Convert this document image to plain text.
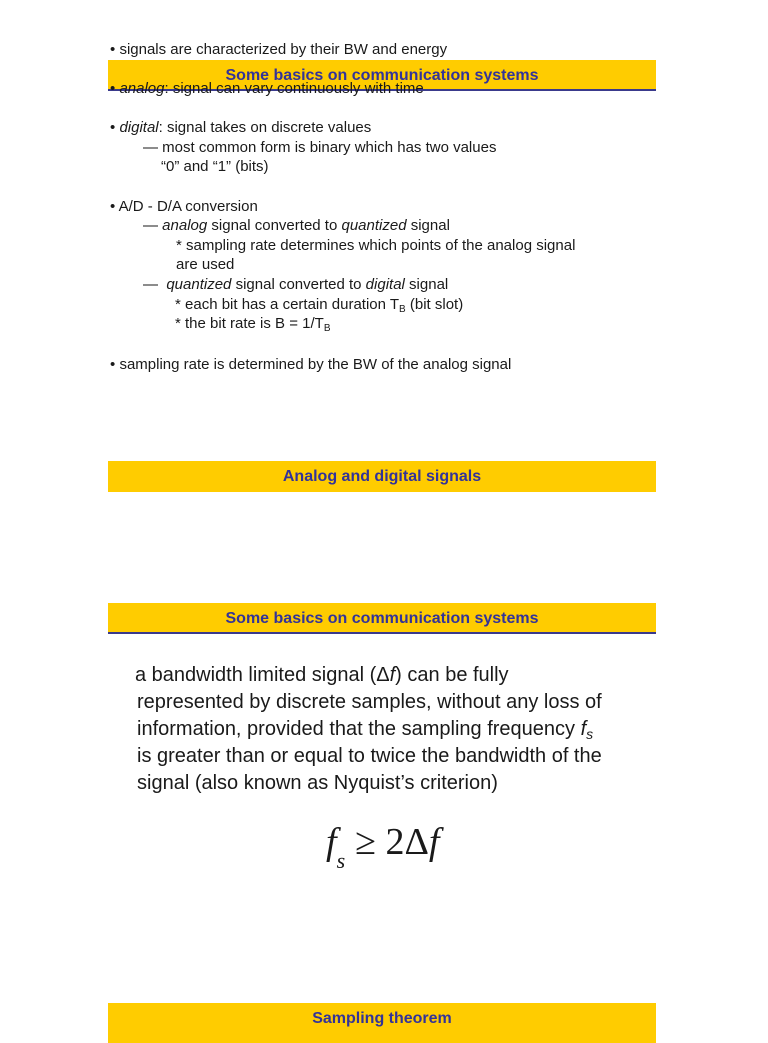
Some basics on communication systems
• signals are characterized by their BW and energy
• analog: signal can vary continuously with time
• digital: signal takes on discrete values
— most common form is binary which has two values
“0” and “1” (bits)
• A/D - D/A conversion
— analog signal converted to quantized signal
* sampling rate determines which points of the analog signal
are used
— quantized signal converted to digital signal
* each bit has a certain duration $T_B$ (bit slot)
* the bit rate is $B = 1/T_B$
• sampling rate is determined by the BW of the analog signal
Analog and digital signals
Some basics on communication systems
a bandwidth limited signal (Δf) can be fully
represented by discrete samples, without any loss of
information, provided that the sampling frequency $f_s$
is greater than or equal to twice the bandwidth of the
signal (also known as Nyquist’s criterion)
$f_s \ge 2\Delta f$
Sampling theorem
